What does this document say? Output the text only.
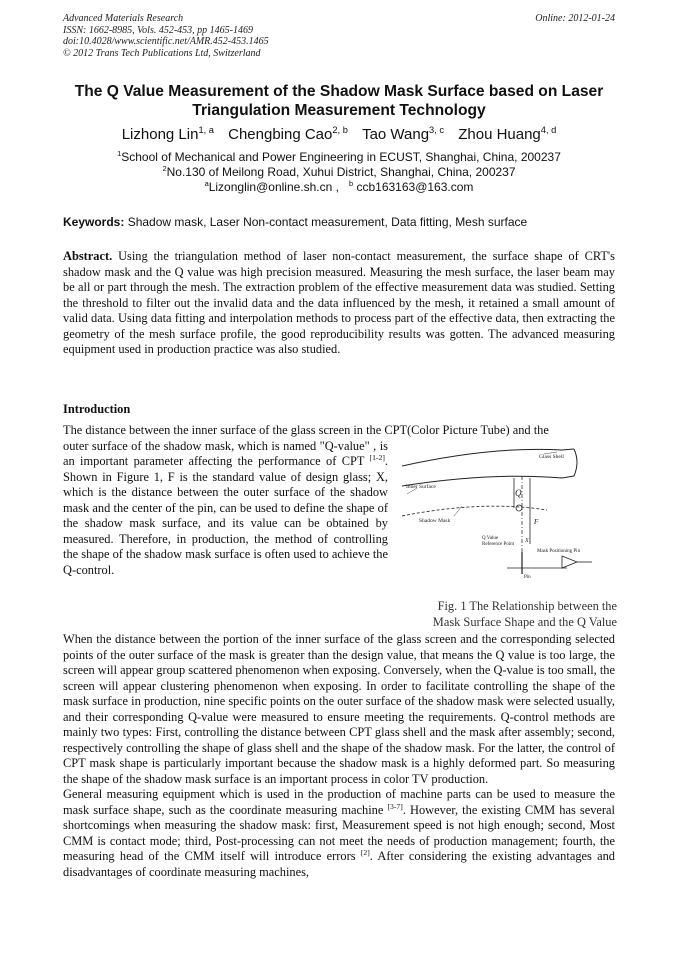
Advanced Materials Research
ISSN: 1662-8985, Vols. 452-453, pp 1465-1469
doi:10.4028/www.scientific.net/AMR.452-453.1465
© 2012 Trans Tech Publications Ltd, Switzerland
Online: 2012-01-24
The Q Value Measurement of the Shadow Mask Surface based on Laser Triangulation Measurement Technology
Lizhong Lin$^{1, a}$ Chengbing Cao$^{2, b}$ Tao Wang$^{3, c}$ Zhou Huang$^{4, d}$
$^1$School of Mechanical and Power Engineering in ECUST, Shanghai, China, 200237
$^2$No.130 of Meilong Road, Xuhui District, Shanghai, China, 200237
$^a$Lizonglin@online.sh.cn , $^b$ ccb163163@163.com
Keywords: Shadow mask, Laser Non-contact measurement, Data fitting, Mesh surface
Abstract. Using the triangulation method of laser non-contact measurement, the surface shape of CRT's shadow mask and the Q value was high precision measured. Measuring the mesh surface, the laser beam may be all or part through the mesh. The extraction problem of the effective measurement data was studied. Setting the threshold to filter out the invalid data and the data influenced by the mesh, it retained a small amount of valid data. Using data fitting and interpolation methods to process part of the effective data, then extracting the geometry of the mesh surface profile, the good reproducibility results was gotten. The advanced measuring equipment used in production practice was also studied.
Introduction
The distance between the inner surface of the glass screen in the CPT(Color Picture Tube) and the
outer surface of the shadow mask, which is named "Q-value" , is an important parameter affecting the performance of CPT [1-2]. Shown in Figure 1, F is the standard value of design glass; X, which is the distance between the outer surface of the shadow mask and the center of the pin, can be used to define the shape of the shadow mask surface, and its value can be obtained by measured. Therefore, in production, the method of controlling the shape of the shadow mask surface is often used to achieve the Q-control.
Glass Shell
Inner Surface
Shadow Mask
Q
F
Q Value
Reference Point
Mask Positioning Pin
X
Pin
Fig. 1 The Relationship between the
Mask Surface Shape and the Q Value

When the distance between the portion of the inner surface of the glass screen and the corresponding selected points of the outer surface of the mask is greater than the design value, that means the Q value is too large, the screen will appear group scattered phenomenon when exposing. Conversely, when the Q-value is too small, the screen will appear clustering phenomenon when exposing. In order to facilitate controlling the shape of the mask surface in production, nine specific points on the outer surface of the shadow mask were selected usually, and their corresponding Q-value were measured to ensure meeting the requirements. Q-control methods are mainly two types: First, controlling the distance between CPT glass shell and the mask after assembly; second, respectively controlling the shape of glass shell and the shape of the shadow mask. For the latter, the control of CPT mask shape is particularly important because the shadow mask is a highly deformed part. So measuring the shape of the shadow mask surface is an important process in color TV production.

General measuring equipment which is used in the production of machine parts can be used to measure the mask surface shape, such as the coordinate measuring machine [3-7]. However, the existing CMM has several shortcomings when measuring the shadow mask: first, Measurement speed is not high enough; second, Most CMM is contact mode; third, Post-processing can not meet the needs of production management; fourth, the measuring head of the CMM itself will introduce errors [2]. After considering the existing advantages and disadvantages of coordinate measuring machines,
